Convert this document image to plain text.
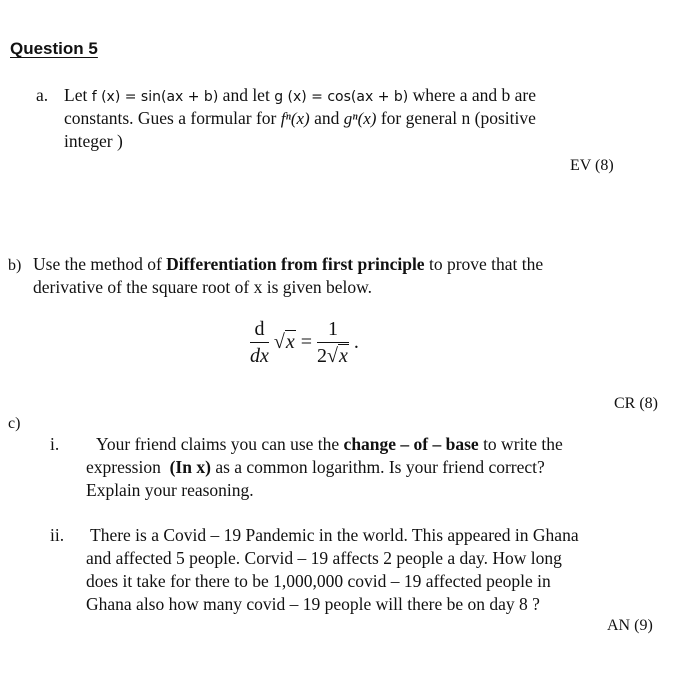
Question 5
a. Let f (x) = sin(ax + b) and let g (x) = cos(ax + b) where a and b are
constants. Gues a formular for fⁿ(x) and gⁿ(x) for general n (positive
integer )
EV (8)
b) Use the method of Differentiation from first principle to prove that the
derivative of the square root of x is given below.
$\frac{d}{dx} √x = \frac{1}{2√x}$ .
CR (8)
c)
i. Your friend claims you can use the change – of – base to write the
expression (In x) as a common logarithm. Is your friend correct?
Explain your reasoning.
ii. There is a Covid – 19 Pandemic in the world. This appeared in Ghana
and affected 5 people. Corvid – 19 affects 2 people a day. How long
does it take for there to be 1,000,000 covid – 19 affected people in
Ghana also how many covid – 19 people will there be on day 8 ?
AN (9)
